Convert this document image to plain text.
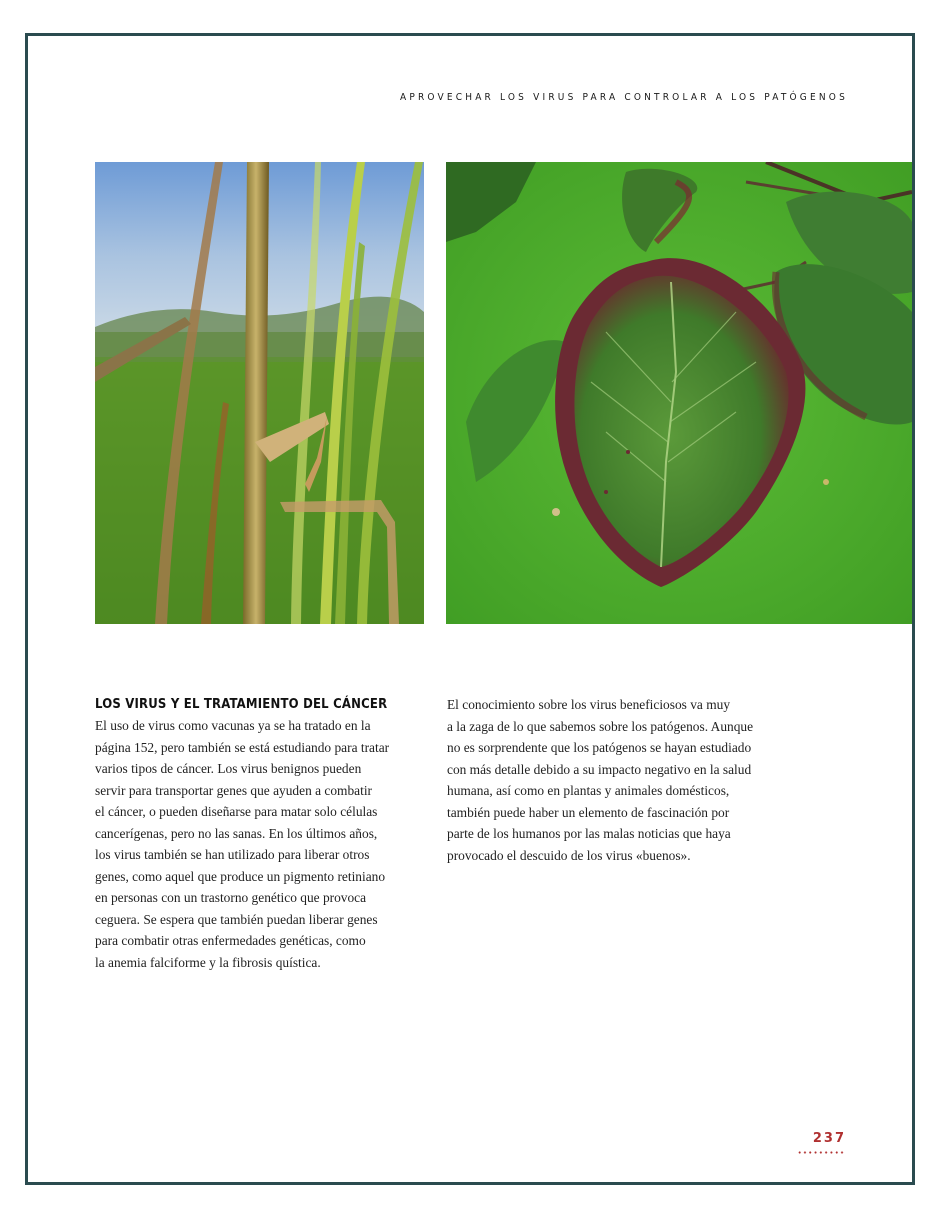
APROVECHAR LOS VIRUS PARA CONTROLAR A LOS PATÓGENOS
LOS VIRUS Y EL TRATAMIENTO DEL CÁNCER
El uso de virus como vacunas ya se ha tratado en la
página 152, pero también se está estudiando para tratar
varios tipos de cáncer. Los virus benignos pueden
servir para transportar genes que ayuden a combatir
el cáncer, o pueden diseñarse para matar solo células
cancerígenas, pero no las sanas. En los últimos años,
los virus también se han utilizado para liberar otros
genes, como aquel que produce un pigmento retiniano
en personas con un trastorno genético que provoca
ceguera. Se espera que también puedan liberar genes
para combatir otras enfermedades genéticas, como
la anemia falciforme y la fibrosis quística.
El conocimiento sobre los virus beneficiosos va muy
a la zaga de lo que sabemos sobre los patógenos. Aunque
no es sorprendente que los patógenos se hayan estudiado
con más detalle debido a su impacto negativo en la salud
humana, así como en plantas y animales domésticos,
también puede haber un elemento de fascinación por
parte de los humanos por las malas noticias que haya
provocado el descuido de los virus «buenos».
237
